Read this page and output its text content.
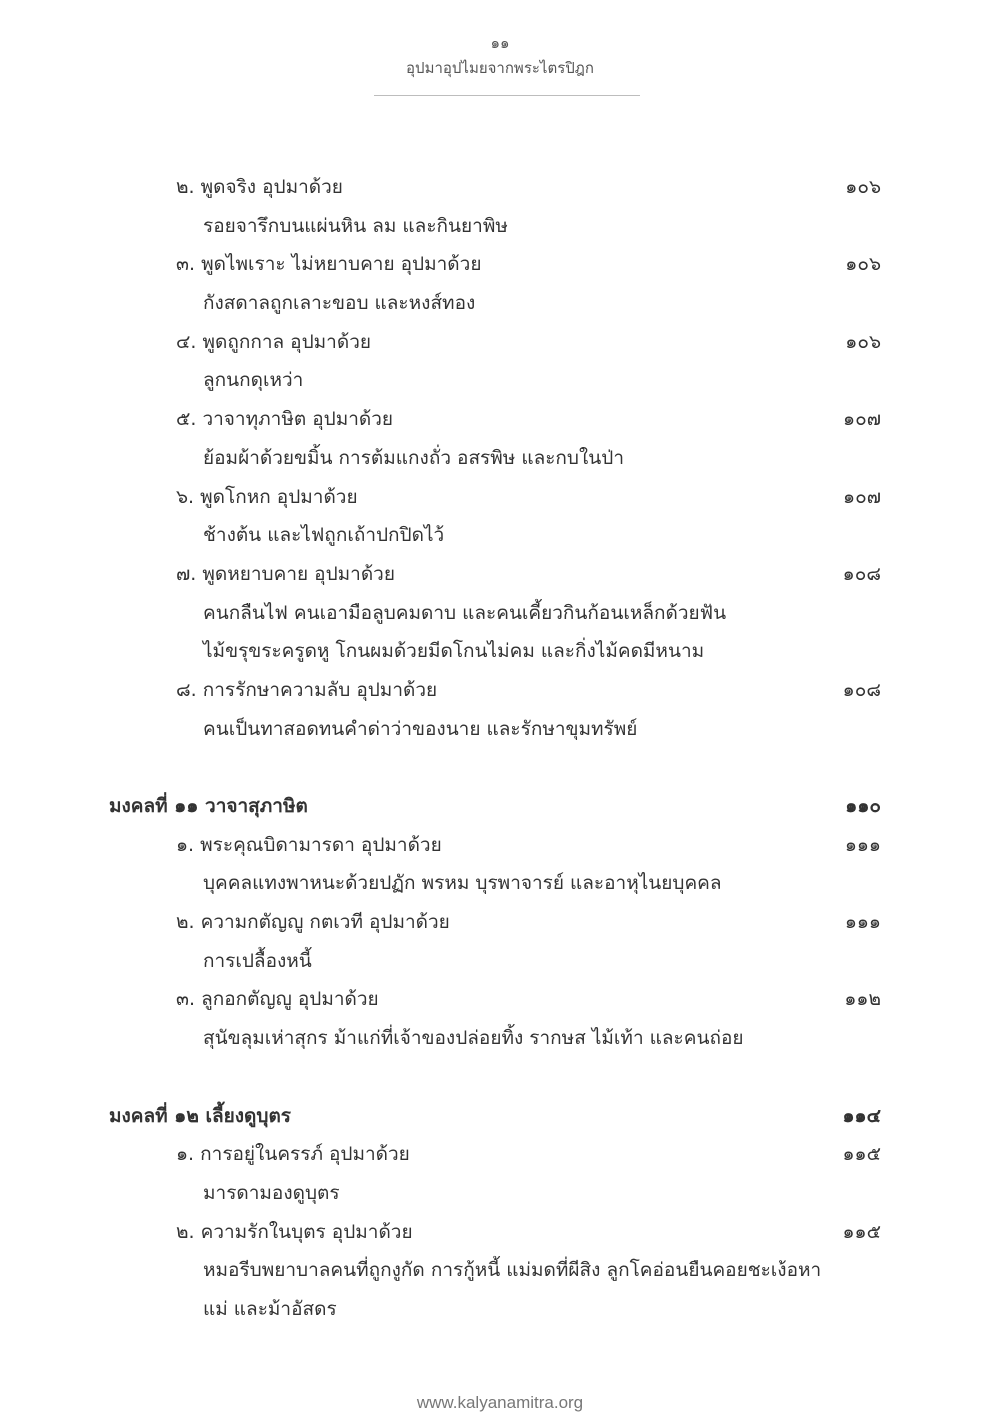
๑๑
อุปมาอุปไมยจากพระไตรปิฎก
๒. พูดจริง อุปมาด้วย	๑๐๖
รอยจารึกบนแผ่นหิน ลม และกินยาพิษ
๓. พูดไพเราะ ไม่หยาบคาย อุปมาด้วย	๑๐๖
กังสดาลถูกเลาะขอบ และหงส์ทอง
๔. พูดถูกกาล อุปมาด้วย	๑๐๖
ลูกนกดุเหว่า
๕. วาจาทุภาษิต อุปมาด้วย	๑๐๗
ย้อมผ้าด้วยขมิ้น การต้มแกงถั่ว อสรพิษ และกบในป่า
๖. พูดโกหก อุปมาด้วย	๑๐๗
ช้างต้น และไฟถูกเถ้าปกปิดไว้
๗. พูดหยาบคาย อุปมาด้วย	๑๐๘
คนกลืนไฟ คนเอามือลูบคมดาบ และคนเคี้ยวกินก้อนเหล็กด้วยฟัน
ไม้ขรุขระครูดหู โกนผมด้วยมีดโกนไม่คม และกิ่งไม้คดมีหนาม
๘. การรักษาความลับ อุปมาด้วย	๑๐๘
คนเป็นทาสอดทนคำด่าว่าของนาย และรักษาขุมทรัพย์
มงคลที่ ๑๑ วาจาสุภาษิต	๑๑๐
๑. พระคุณบิดามารดา อุปมาด้วย	๑๑๑
บุคคลแทงพาหนะด้วยปฏัก พรหม บุรพาจารย์ และอาหุไนยบุคคล
๒. ความกตัญญู กตเวที อุปมาด้วย	๑๑๑
การเปลื้องหนี้
๓. ลูกอกตัญญู อุปมาด้วย	๑๑๒
สุนัขลุมเห่าสุกร ม้าแก่ที่เจ้าของปล่อยทิ้ง รากษส ไม้เท้า และคนถ่อย
มงคลที่ ๑๒ เลี้ยงดูบุตร	๑๑๔
๑. การอยู่ในครรภ์ อุปมาด้วย	๑๑๕
มารดามองดูบุตร
๒. ความรักในบุตร อุปมาด้วย	๑๑๕
หมอรีบพยาบาลคนที่ถูกงูกัด การกู้หนี้ แม่มดที่ผีสิง ลูกโคอ่อนยืนคอยชะเง้อหา
แม่ และม้าอัสดร
www.kalyanamitra.org
